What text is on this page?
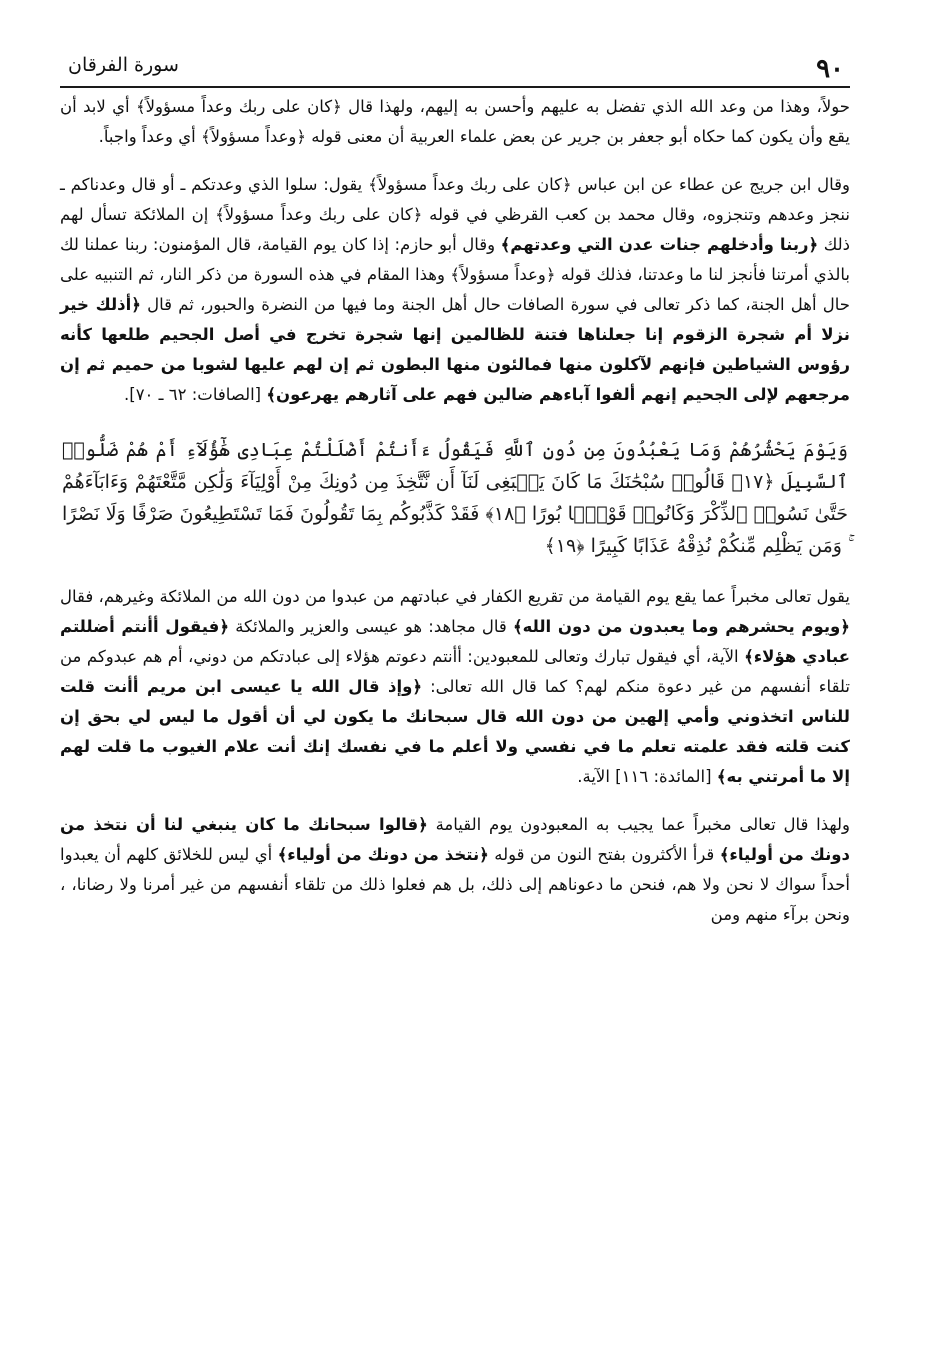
٩٠
سورة الفرقان

حولاً، وهذا من وعد الله الذي تفضل به عليهم وأحسن به إليهم، ولهذا قال ﴿كان على ربك وعداً مسؤولاً﴾ أي لابد أن يقع وأن يكون كما حكاه أبو جعفر بن جرير عن بعض علماء العربية أن معنى قوله ﴿وعداً مسؤولاً﴾ أي وعداً واجباً.

وقال ابن جريج عن عطاء عن ابن عباس ﴿كان على ربك وعداً مسؤولاً﴾ يقول: سلوا الذي وعدتكم ـ أو قال وعدناكم ـ ننجز وعدهم وتنجزوه، وقال محمد بن كعب القرظي في قوله ﴿كان على ربك وعداً مسؤولاً﴾ إن الملائكة تسأل لهم ذلك ﴿ربنا وأدخلهم جنات عدن التي وعدتهم﴾ وقال أبو حازم: إذا كان يوم القيامة، قال المؤمنون: ربنا عملنا لك بالذي أمرتنا فأنجز لنا ما وعدتنا، فذلك قوله ﴿وعداً مسؤولاً﴾ وهذا المقام في هذه السورة من ذكر النار، ثم التنبيه على حال أهل الجنة، كما ذكر تعالى في سورة الصافات حال أهل الجنة وما فيها من النضرة والحبور، ثم قال ﴿أذلك خير نزلا أم شجرة الزقوم إنا جعلناها فتنة للظالمين إنها شجرة تخرج في أصل الجحيم طلعها كأنه رؤوس الشياطين فإنهم لآكلون منها فمالئون منها البطون ثم إن لهم عليها لشوبا من حميم ثم إن مرجعهم لإلى الجحيم إنهم ألفوا آباءهم ضالين فهم على آثارهم يهرعون﴾ [الصافات: ٦٢ ـ ٧٠].

وَيَوْمَ يَحْشُرُهُمْ وَمَا يَعْبُدُونَ مِن دُونِ ٱللَّهِ فَيَقُولُ ءَأَنتُمْ أَضْلَلْتُمْ عِبَادِى هَٰٓؤُلَآءِ أَمْ هُمْ ضَلُّوا۟ ٱلسَّبِيلَ ﴿١٧﴾ قَالُوا۟ سُبْحَٰنَكَ مَا كَانَ يَنۢبَغِى لَنَآ أَن نَّتَّخِذَ مِن دُونِكَ مِنْ أَوْلِيَآءَ وَلَٰكِن مَّتَّعْتَهُمْ وَءَابَآءَهُمْ حَتَّىٰ نَسُوا۟ ٱلذِّكْرَ وَكَانُوا۟ قَوْمًۢا بُورًا ﴿١٨﴾ فَقَدْ كَذَّبُوكُم بِمَا تَقُولُونَ فَمَا تَسْتَطِيعُونَ صَرْفًا وَلَا نَصْرًا ۚ وَمَن يَظْلِم مِّنكُمْ نُذِقْهُ عَذَابًا كَبِيرًا ﴿١٩﴾

يقول تعالى مخبراً عما يقع يوم القيامة من تقريع الكفار في عبادتهم من عبدوا من دون الله من الملائكة وغيرهم، فقال ﴿ويوم يحشرهم وما يعبدون من دون الله﴾ قال مجاهد: هو عيسى والعزير والملائكة ﴿فيقول أأنتم أضللتم عبادي هؤلاء﴾ الآية، أي فيقول تبارك وتعالى للمعبودين: أأنتم دعوتم هؤلاء إلى عبادتكم من دوني، أم هم عبدوكم من تلقاء أنفسهم من غير دعوة منكم لهم؟ كما قال الله تعالى: ﴿وإذ قال الله يا عيسى ابن مريم أأنت قلت للناس اتخذوني وأمي إلهين من دون الله قال سبحانك ما يكون لي أن أقول ما ليس لي بحق إن كنت قلته فقد علمته تعلم ما في نفسي ولا أعلم ما في نفسك إنك أنت علام الغيوب ما قلت لهم إلا ما أمرتني به﴾ [المائدة: ١١٦] الآية.

ولهذا قال تعالى مخبراً عما يجيب به المعبودون يوم القيامة ﴿قالوا سبحانك ما كان ينبغي لنا أن نتخذ من دونك من أولياء﴾ قرأ الأكثرون بفتح النون من قوله ﴿نتخذ من دونك من أولياء﴾ أي ليس للخلائق كلهم أن يعبدوا أحداً سواك لا نحن ولا هم، فنحن ما دعوناهم إلى ذلك، بل هم فعلوا ذلك من تلقاء أنفسهم من غير أمرنا ولا رضانا، ، ونحن برآء منهم ومن
